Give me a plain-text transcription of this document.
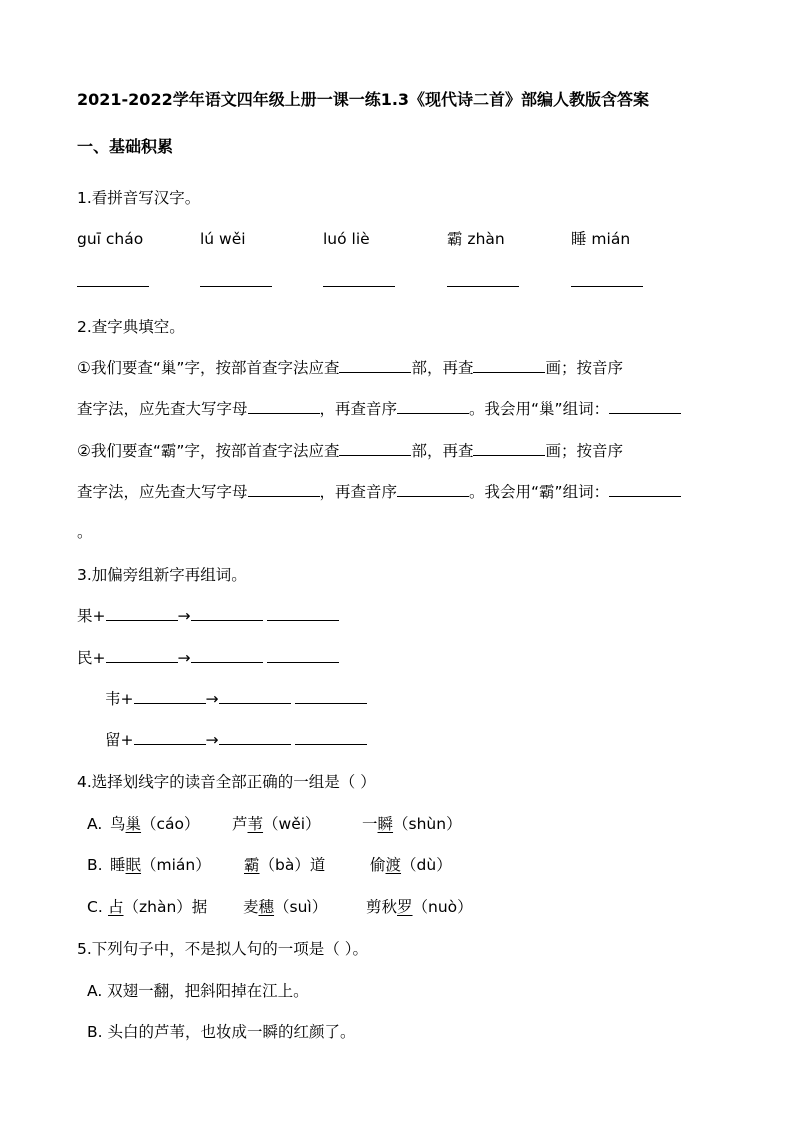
2021-2022学年语文四年级上册一课一练1.3《现代诗二首》部编人教版含答案
一、基础积累
1.看拼音写汉字。
guī cháo	lú wěi	luó liè	霸 zhàn	睡 mián
2.查字典填空。
①我们要查“巢”字，按部首查字法应查	部，再查	画；按音序
查字法，应先查大写字母	，再查音序	。我会用“巢”组词：
②我们要查“霸”字，按部首查字法应查	部，再查	画；按音序
查字法，应先查大写字母	，再查音序	。我会用“霸”组词：
。
3.加偏旁组新字再组词。
果+	→
民+	→
韦+	→
留+	→
4.选择划线字的读音全部正确的一组是（ ）
A. 鸟巢（cáo） 芦苇（wěi）	一瞬（shùn）
B. 睡眠（mián） 霸（bà）道	偷渡（dù）
C. 占（zhàn）据 麦穗（suì）	剪秋罗（nuò）
5.下列句子中，不是拟人句的一项是（ ）。
A. 双翅一翻，把斜阳掉在江上。
B. 头白的芦苇，也妆成一瞬的红颜了。
